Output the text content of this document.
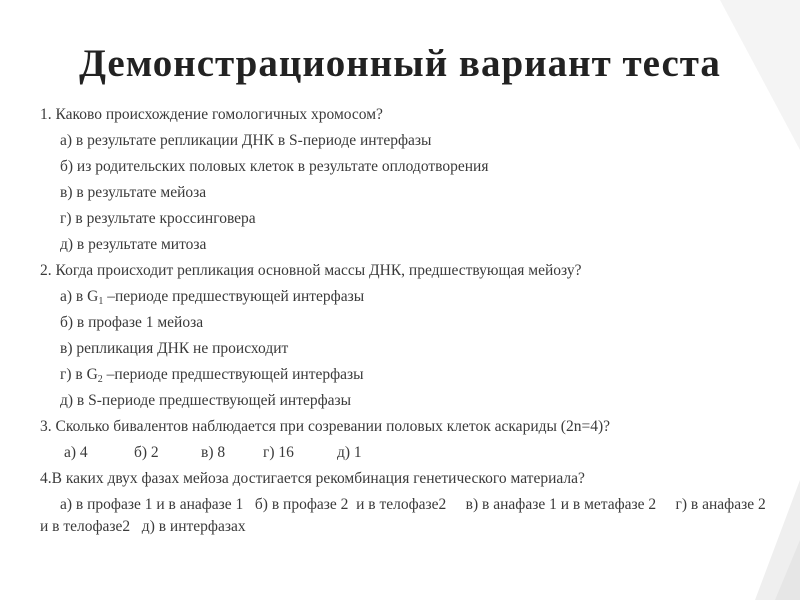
Демонстрационный вариант теста
1. Каково происхождение гомологичных хромосом?
а) в результате репликации ДНК в S-периоде интерфазы
б) из родительских половых клеток в результате оплодотворения
в) в результате мейоза
г) в результате кроссинговера
д) в результате митоза
2. Когда происходит репликация основной массы ДНК, предшествующая мейозу?
а) в $G_1$ –периоде предшествующей интерфазы
б) в профазе 1 мейоза
в) репликация ДНК не происходит
г) в $G_2$ –периоде предшествующей интерфазы
д) в S-периоде предшествующей интерфазы
3. Сколько бивалентов наблюдается при созревании половых клеток аскариды (2n=4)?
а) 4	б) 2	в) 8 г) 16	д) 1
4.В каких двух фазах мейоза достигается рекомбинация генетического материала?
а) в профазе 1 и в анафазе 1   б) в профазе 2  и в телофазе2     в) в анафазе 1 и в метафазе 2     г) в анафазе 2 и в телофазе2   д) в интерфазах
